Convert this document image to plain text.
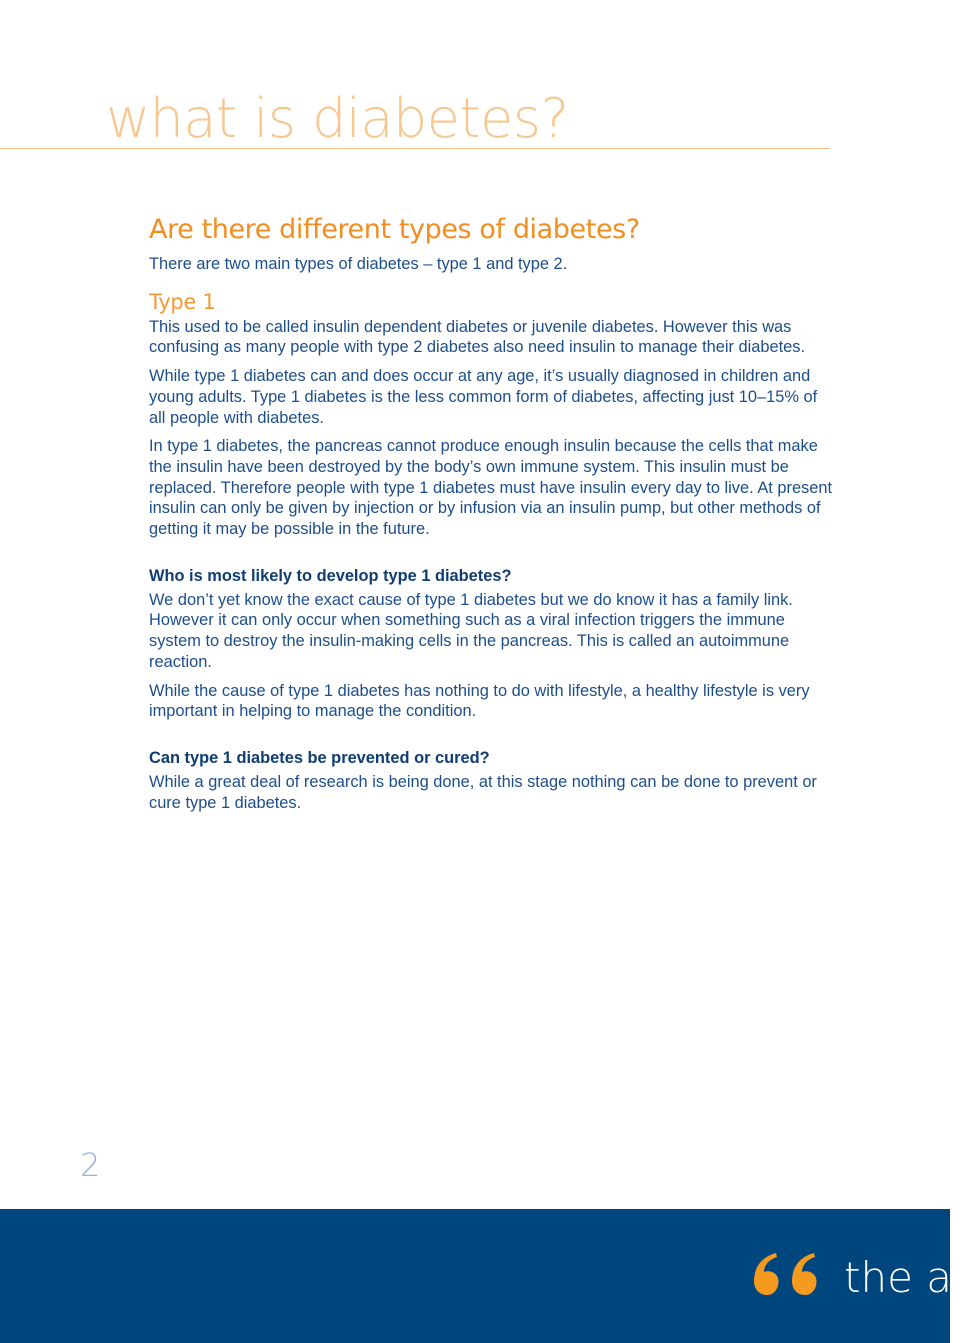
what is diabetes?
Are there different types of diabetes?

There are two main types of diabetes – type 1 and type 2.

Type 1

This used to be called insulin dependent diabetes or juvenile diabetes. However this was confusing as many people with type 2 diabetes also need insulin to manage their diabetes.

While type 1 diabetes can and does occur at any age, it’s usually diagnosed in children and young adults. Type 1 diabetes is the less common form of diabetes, affecting just 10–15% of all people with diabetes.

In type 1 diabetes, the pancreas cannot produce enough insulin because the cells that make the insulin have been destroyed by the body’s own immune system. This insulin must be replaced. Therefore people with type 1 diabetes must have insulin every day to live. At present insulin can only be given by injection or by infusion via an insulin pump, but other methods of getting it may be possible in the future.

Who is most likely to develop type 1 diabetes?

We don’t yet know the exact cause of type 1 diabetes but we do know it has a family link. However it can only occur when something such as a viral infection triggers the immune system to destroy the insulin-making cells in the pancreas. This is called an autoimmune reaction.

While the cause of type 1 diabetes has nothing to do with lifestyle, a healthy lifestyle is very important in helping to manage the condition.

Can type 1 diabetes be prevented or cured?

While a great deal of research is being done, at this stage nothing can be done to prevent or cure type 1 diabetes.

2
the ai
